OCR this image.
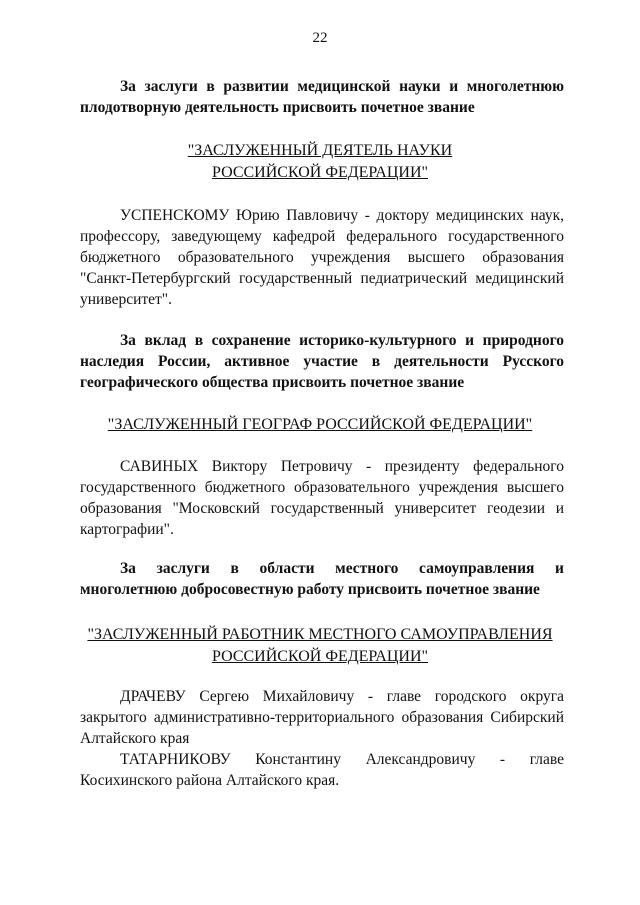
22
За заслуги в развитии медицинской науки и многолетнюю плодотворную деятельность присвоить почетное звание
"ЗАСЛУЖЕННЫЙ ДЕЯТЕЛЬ НАУКИ
РОССИЙСКОЙ ФЕДЕРАЦИИ"
УСПЕНСКОМУ Юрию Павловичу - доктору медицинских наук, профессору, заведующему кафедрой федерального государственного бюджетного образовательного учреждения высшего образования "Санкт-Петербургский государственный педиатрический медицинский университет".
За вклад в сохранение историко-культурного и природного наследия России, активное участие в деятельности Русского географического общества присвоить почетное звание
"ЗАСЛУЖЕННЫЙ ГЕОГРАФ РОССИЙСКОЙ ФЕДЕРАЦИИ"
САВИНЫХ Виктору Петровичу - президенту федерального государственного бюджетного образовательного учреждения высшего образования "Московский государственный университет геодезии и картографии".
За заслуги в области местного самоуправления и многолетнюю добросовестную работу присвоить почетное звание
"ЗАСЛУЖЕННЫЙ РАБОТНИК МЕСТНОГО САМОУПРАВЛЕНИЯ
РОССИЙСКОЙ ФЕДЕРАЦИИ"
ДРАЧЕВУ Сергею Михайловичу - главе городского округа закрытого административно-территориального образования Сибирский Алтайского края
ТАТАРНИКОВУ Константину Александровичу - главе Косихинского района Алтайского края.
